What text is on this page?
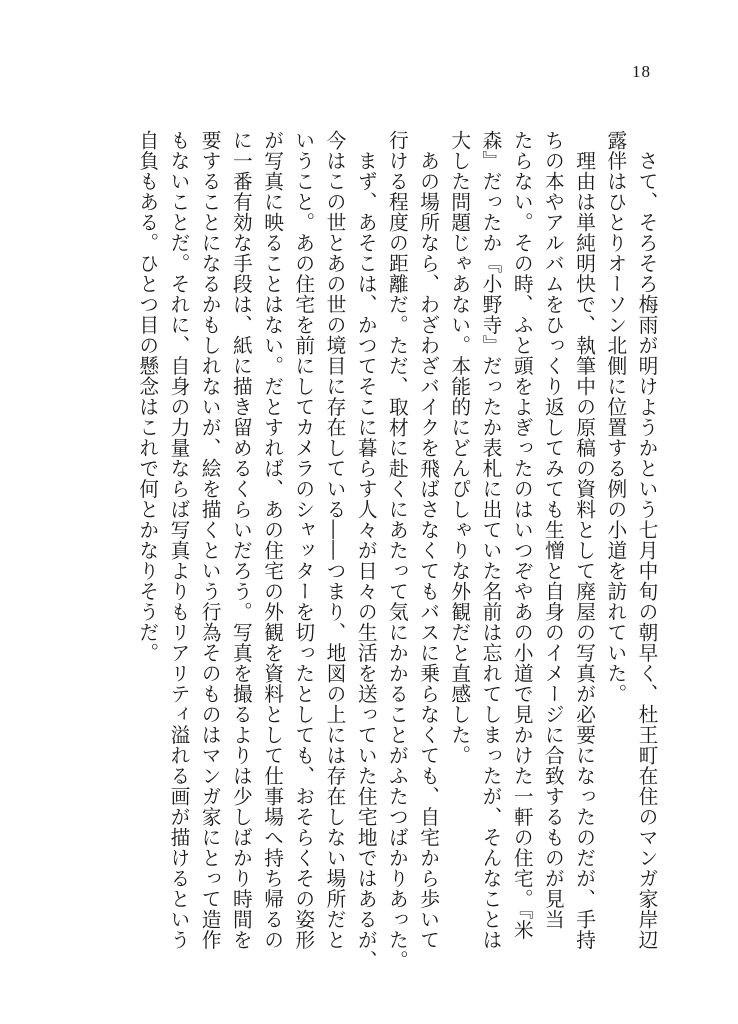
18
　さて、そろそろ梅雨が明けようかという七月中旬の朝早く、杜王町在住のマンガ家岸辺
露伴はひとりオーソン北側に位置する例の小道を訪れていた。
　理由は単純明快で、執筆中の原稿の資料として廃屋の写真が必要になったのだが、手持
ちの本やアルバムをひっくり返してみても生憎と自身のイメージに合致するものが見当
たらない。その時、ふと頭をよぎったのはいつぞやあの小道で見かけた一軒の住宅。『米
森』だったか『小野寺』だったか表札に出ていた名前は忘れてしまったが、そんなことは
大した問題じゃあない。本能的にどんぴしゃりな外観だと直感した。
　あの場所なら、わざわざバイクを飛ばさなくてもバスに乗らなくても、自宅から歩いて
行ける程度の距離だ。ただ、取材に赴くにあたって気にかかることがふたつばかりあった。
　まず、あそこは、かつてそこに暮らす人々が日々の生活を送っていた住宅地ではあるが、
今はこの世とあの世の境目に存在している――つまり、地図の上には存在しない場所だと
いうこと。あの住宅を前にしてカメラのシャッターを切ったとしても、おそらくその姿形
が写真に映ることはない。だとすれば、あの住宅の外観を資料として仕事場へ持ち帰るの
に一番有効な手段は、紙に描き留めるくらいだろう。写真を撮るよりは少しばかり時間を
要することになるかもしれないが、絵を描くという行為そのものはマンガ家にとって造作
もないことだ。それに、自身の力量ならば写真よりもリアリティ溢れる画が描けるという
自負もある。ひとつ目の懸念はこれで何とかなりそうだ。
